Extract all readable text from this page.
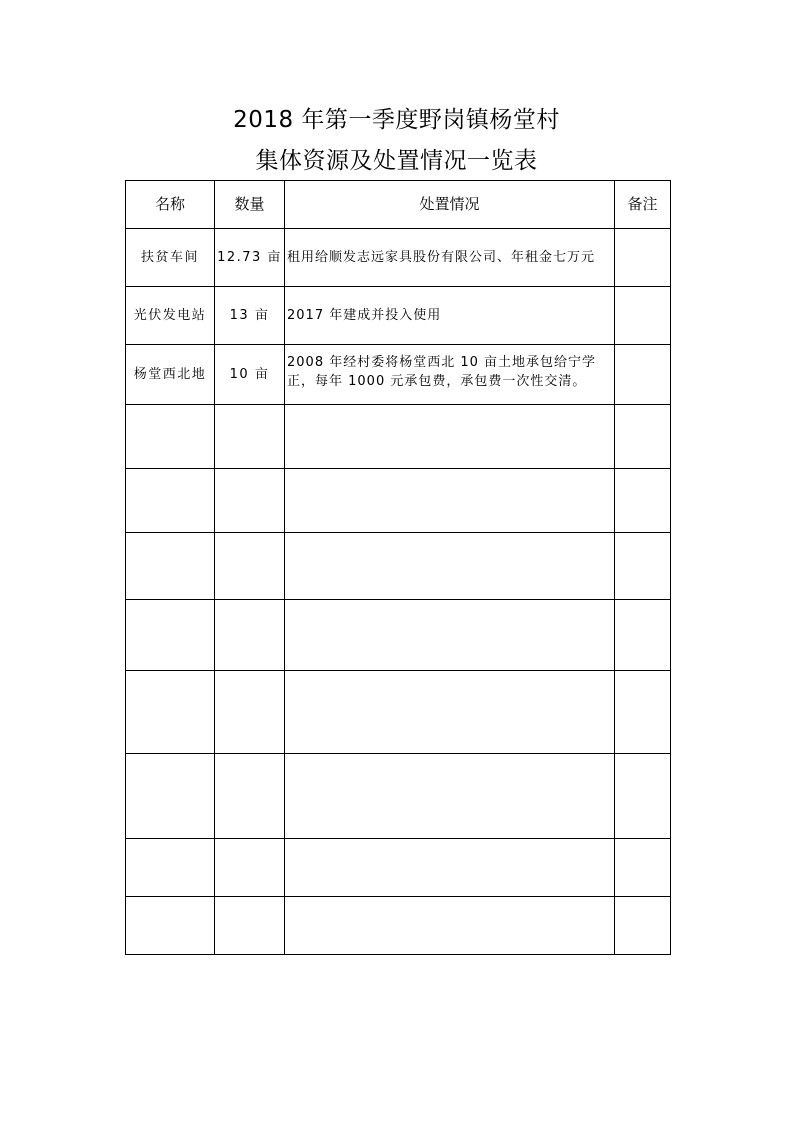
2018 年第一季度野岗镇杨堂村
集体资源及处置情况一览表
名称	数量	处置情况	备注
扶贫车间	12.73 亩	租用给顺发志远家具股份有限公司、年租金七万元	
光伏发电站	13 亩	2017 年建成并投入使用	
杨堂西北地	10 亩	2008 年经村委将杨堂西北 10 亩土地承包给宁学正，每年 1000 元承包费，承包费一次性交清。	
